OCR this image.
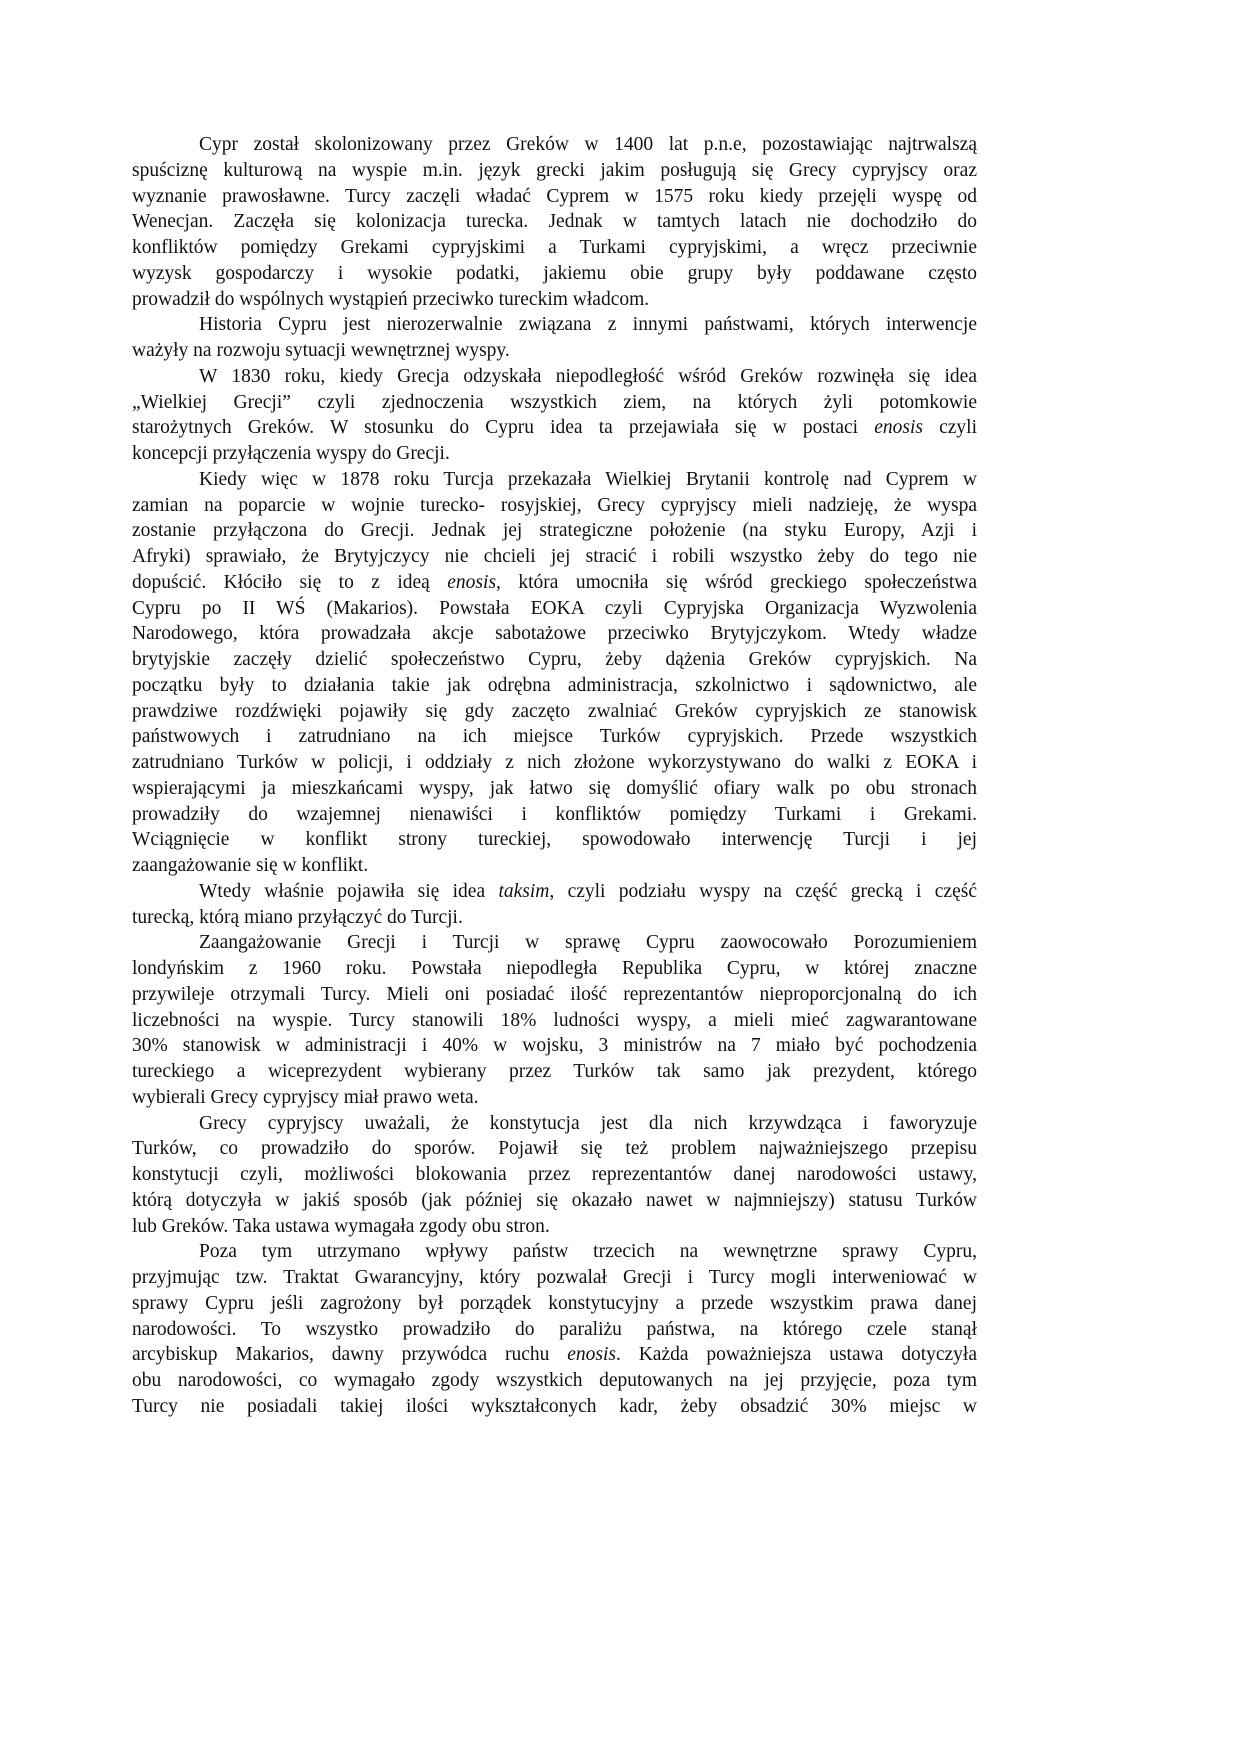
Cypr został skolonizowany przez Greków w 1400 lat p.n.e, pozostawiając najtrwalszą
spuściznę kulturową na wyspie m.in. język grecki jakim posługują się Grecy cypryjscy oraz
wyznanie prawosławne. Turcy zaczęli władać Cyprem w 1575 roku kiedy przejęli wyspę od
Wenecjan. Zaczęła się kolonizacja turecka. Jednak w tamtych latach nie dochodziło do
konfliktów pomiędzy Grekami cypryjskimi a Turkami cypryjskimi, a wręcz przeciwnie
wyzysk gospodarczy i wysokie podatki, jakiemu obie grupy były poddawane często
prowadził do wspólnych wystąpień przeciwko tureckim władcom.
Historia Cypru jest nierozerwalnie związana z innymi państwami, których interwencje
ważyły na rozwoju sytuacji wewnętrznej wyspy.
W 1830 roku, kiedy Grecja odzyskała niepodległość wśród Greków rozwinęła się idea
„Wielkiej Grecji” czyli zjednoczenia wszystkich ziem, na których żyli potomkowie
starożytnych Greków. W stosunku do Cypru idea ta przejawiała się w postaci enosis czyli
koncepcji przyłączenia wyspy do Grecji.
Kiedy więc w 1878 roku Turcja przekazała Wielkiej Brytanii kontrolę nad Cyprem w
zamian na poparcie w wojnie turecko- rosyjskiej, Grecy cypryjscy mieli nadzieję, że wyspa
zostanie przyłączona do Grecji. Jednak jej strategiczne położenie (na styku Europy, Azji i
Afryki) sprawiało, że Brytyjczycy nie chcieli jej stracić i robili wszystko żeby do tego nie
dopuścić. Kłóciło się to z ideą enosis, która umocniła się wśród greckiego społeczeństwa
Cypru po II WŚ (Makarios). Powstała EOKA czyli Cypryjska Organizacja Wyzwolenia
Narodowego, która prowadzała akcje sabotażowe przeciwko Brytyjczykom. Wtedy władze
brytyjskie zaczęły dzielić społeczeństwo Cypru, żeby dążenia Greków cypryjskich. Na
początku były to działania takie jak odrębna administracja, szkolnictwo i sądownictwo, ale
prawdziwe rozdźwięki pojawiły się gdy zaczęto zwalniać Greków cypryjskich ze stanowisk
państwowych i zatrudniano na ich miejsce Turków cypryjskich. Przede wszystkich
zatrudniano Turków w policji, i oddziały z nich złożone wykorzystywano do walki z EOKA i
wspierającymi ja mieszkańcami wyspy, jak łatwo się domyślić ofiary walk po obu stronach
prowadziły do wzajemnej nienawiści i konfliktów pomiędzy Turkami i Grekami.
Wciągnięcie w konflikt strony tureckiej, spowodowało interwencję Turcji i jej
zaangażowanie się w konflikt.
Wtedy właśnie pojawiła się idea taksim, czyli podziału wyspy na część grecką i część
turecką, którą miano przyłączyć do Turcji.
Zaangażowanie Grecji i Turcji w sprawę Cypru zaowocowało Porozumieniem
londyńskim z 1960 roku. Powstała niepodległa Republika Cypru, w której znaczne
przywileje otrzymali Turcy. Mieli oni posiadać ilość reprezentantów nieproporcjonalną do ich
liczebności na wyspie. Turcy stanowili 18% ludności wyspy, a mieli mieć zagwarantowane
30% stanowisk w administracji i 40% w wojsku, 3 ministrów na 7 miało być pochodzenia
tureckiego a wiceprezydent wybierany przez Turków tak samo jak prezydent, którego
wybierali Grecy cypryjscy miał prawo weta.
Grecy cypryjscy uważali, że konstytucja jest dla nich krzywdząca i faworyzuje
Turków, co prowadziło do sporów. Pojawił się też problem najważniejszego przepisu
konstytucji czyli, możliwości blokowania przez reprezentantów danej narodowości ustawy,
którą dotyczyła w jakiś sposób (jak później się okazało nawet w najmniejszy) statusu Turków
lub Greków. Taka ustawa wymagała zgody obu stron.
Poza tym utrzymano wpływy państw trzecich na wewnętrzne sprawy Cypru,
przyjmując tzw. Traktat Gwarancyjny, który pozwalał Grecji i Turcy mogli interweniować w
sprawy Cypru jeśli zagrożony był porządek konstytucyjny a przede wszystkim prawa danej
narodowości. To wszystko prowadziło do paraliżu państwa, na którego czele stanął
arcybiskup Makarios, dawny przywódca ruchu enosis. Każda poważniejsza ustawa dotyczyła
obu narodowości, co wymagało zgody wszystkich deputowanych na jej przyjęcie, poza tym
Turcy nie posiadali takiej ilości wykształconych kadr, żeby obsadzić 30% miejsc w
